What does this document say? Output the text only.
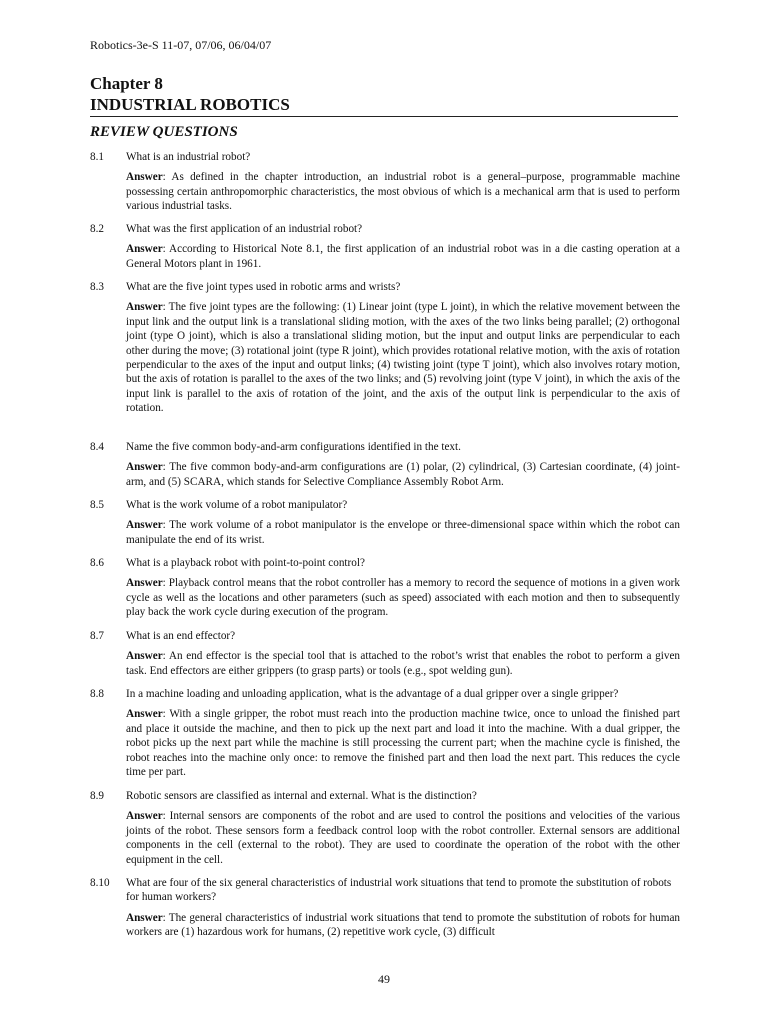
Robotics-3e-S 11-07, 07/06, 06/04/07
Chapter 8
INDUSTRIAL ROBOTICS
REVIEW QUESTIONS
8.1 What is an industrial robot?
Answer: As defined in the chapter introduction, an industrial robot is a general–purpose, programmable machine possessing certain anthropomorphic characteristics, the most obvious of which is a mechanical arm that is used to perform various industrial tasks.
8.2 What was the first application of an industrial robot?
Answer: According to Historical Note 8.1, the first application of an industrial robot was in a die casting operation at a General Motors plant in 1961.
8.3 What are the five joint types used in robotic arms and wrists?
Answer: The five joint types are the following: (1) Linear joint (type L joint), in which the relative movement between the input link and the output link is a translational sliding motion, with the axes of the two links being parallel; (2) orthogonal joint (type O joint), which is also a translational sliding motion, but the input and output links are perpendicular to each other during the move; (3) rotational joint (type R joint), which provides rotational relative motion, with the axis of rotation perpendicular to the axes of the input and output links; (4) twisting joint (type T joint), which also involves rotary motion, but the axis of rotation is parallel to the axes of the two links; and (5) revolving joint (type V joint), in which the axis of the input link is parallel to the axis of rotation of the joint, and the axis of the output link is perpendicular to the axis of rotation.
8.4 Name the five common body-and-arm configurations identified in the text.
Answer: The five common body-and-arm configurations are (1) polar, (2) cylindrical, (3) Cartesian coordinate, (4) joint-arm, and (5) SCARA, which stands for Selective Compliance Assembly Robot Arm.
8.5 What is the work volume of a robot manipulator?
Answer: The work volume of a robot manipulator is the envelope or three-dimensional space within which the robot can manipulate the end of its wrist.
8.6 What is a playback robot with point-to-point control?
Answer: Playback control means that the robot controller has a memory to record the sequence of motions in a given work cycle as well as the locations and other parameters (such as speed) associated with each motion and then to subsequently play back the work cycle during execution of the program.
8.7 What is an end effector?
Answer: An end effector is the special tool that is attached to the robot’s wrist that enables the robot to perform a given task. End effectors are either grippers (to grasp parts) or tools (e.g., spot welding gun).
8.8 In a machine loading and unloading application, what is the advantage of a dual gripper over a single gripper?
Answer: With a single gripper, the robot must reach into the production machine twice, once to unload the finished part and place it outside the machine, and then to pick up the next part and load it into the machine. With a dual gripper, the robot picks up the next part while the machine is still processing the current part; when the machine cycle is finished, the robot reaches into the machine only once: to remove the finished part and then load the next part. This reduces the cycle time per part.
8.9 Robotic sensors are classified as internal and external. What is the distinction?
Answer: Internal sensors are components of the robot and are used to control the positions and velocities of the various joints of the robot. These sensors form a feedback control loop with the robot controller. External sensors are additional components in the cell (external to the robot). They are used to coordinate the operation of the robot with the other equipment in the cell.
8.10 What are four of the six general characteristics of industrial work situations that tend to promote the substitution of robots for human workers?
Answer: The general characteristics of industrial work situations that tend to promote the substitution of robots for human workers are (1) hazardous work for humans, (2) repetitive work cycle, (3) difficult
49
